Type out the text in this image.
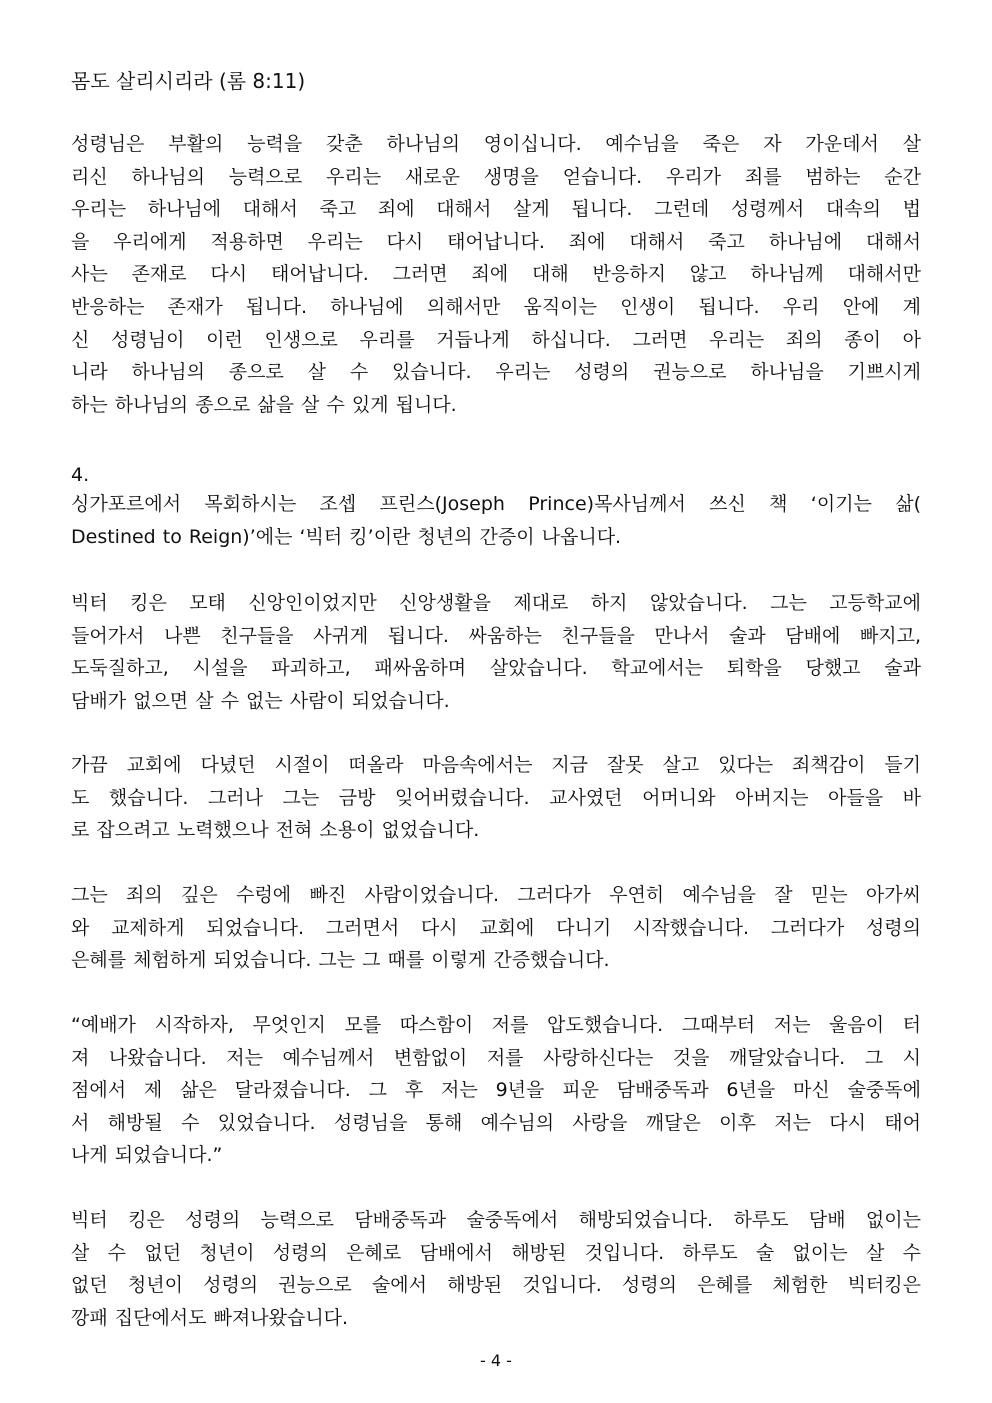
몸도 살리시리라 (롬 8:11)
성령님은 부활의 능력을 갖춘 하나님의 영이십니다. 예수님을 죽은 자 가운데서 살
리신 하나님의 능력으로 우리는 새로운 생명을 얻습니다. 우리가 죄를 범하는 순간
우리는 하나님에 대해서 죽고 죄에 대해서 살게 됩니다. 그런데 성령께서 대속의 법
을 우리에게 적용하면 우리는 다시 태어납니다. 죄에 대해서 죽고 하나님에 대해서
사는 존재로 다시 태어납니다. 그러면 죄에 대해 반응하지 않고 하나님께 대해서만
반응하는 존재가 됩니다. 하나님에 의해서만 움직이는 인생이 됩니다. 우리 안에 계
신 성령님이 이런 인생으로 우리를 거듭나게 하십니다. 그러면 우리는 죄의 종이 아
니라 하나님의 종으로 살 수 있습니다. 우리는 성령의 권능으로 하나님을 기쁘시게
하는 하나님의 종으로 삶을 살 수 있게 됩니다.

4.

싱가포르에서 목회하시는 조셉 프린스(Joseph Prince)목사님께서 쓰신 책 ‘이기는 삶(
Destined to Reign)’에는 ‘빅터 킹’이란 청년의 간증이 나옵니다.
빅터 킹은 모태 신앙인이었지만 신앙생활을 제대로 하지 않았습니다. 그는 고등학교에
들어가서 나쁜 친구들을 사귀게 됩니다. 싸움하는 친구들을 만나서 술과 담배에 빠지고,
도둑질하고, 시설을 파괴하고, 패싸움하며 살았습니다. 학교에서는 퇴학을 당했고 술과
담배가 없으면 살 수 없는 사람이 되었습니다.
가끔 교회에 다녔던 시절이 떠올라 마음속에서는 지금 잘못 살고 있다는 죄책감이 들기
도 했습니다. 그러나 그는 금방 잊어버렸습니다. 교사였던 어머니와 아버지는 아들을 바
로 잡으려고 노력했으나 전혀 소용이 없었습니다.
그는 죄의 깊은 수렁에 빠진 사람이었습니다. 그러다가 우연히 예수님을 잘 믿는 아가씨
와 교제하게 되었습니다. 그러면서 다시 교회에 다니기 시작했습니다. 그러다가 성령의
은혜를 체험하게 되었습니다. 그는 그 때를 이렇게 간증했습니다.
“예배가 시작하자, 무엇인지 모를 따스함이 저를 압도했습니다. 그때부터 저는 울음이 터
져 나왔습니다. 저는 예수님께서 변함없이 저를 사랑하신다는 것을 깨달았습니다. 그 시
점에서 제 삶은 달라졌습니다. 그 후 저는 9년을 피운 담배중독과 6년을 마신 술중독에
서 해방될 수 있었습니다. 성령님을 통해 예수님의 사랑을 깨달은 이후 저는 다시 태어
나게 되었습니다.”
빅터 킹은 성령의 능력으로 담배중독과 술중독에서 해방되었습니다. 하루도 담배 없이는
살 수 없던 청년이 성령의 은혜로 담배에서 해방된 것입니다. 하루도 술 없이는 살 수
없던 청년이 성령의 권능으로 술에서 해방된 것입니다. 성령의 은혜를 체험한 빅터킹은
깡패 집단에서도 빠져나왔습니다.

- 4 -
